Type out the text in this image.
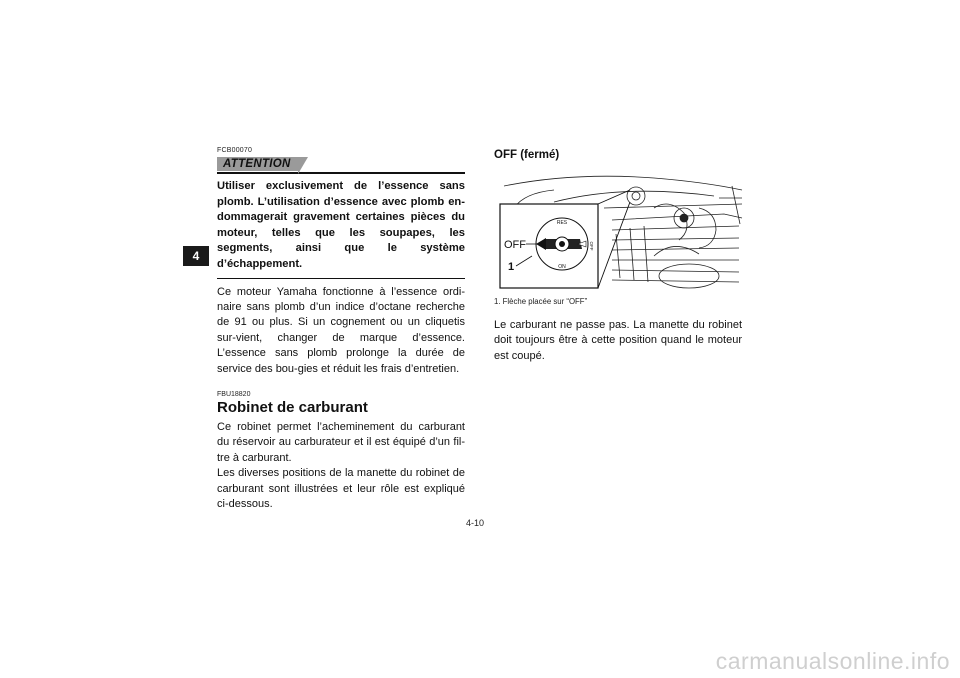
4

FCB00070

ATTENTION

Utiliser exclusivement de l’essence sans plomb. L’utilisation d’essence avec plomb en-dommagerait gravement certaines pièces du moteur, telles que les soupapes, les segments, ainsi que le système d’échappement.

Ce moteur Yamaha fonctionne à l’essence ordi-naire sans plomb d’un indice d’octane recherche de 91 ou plus. Si un cognement ou un cliquetis sur-vient, changer de marque d’essence. L’essence sans plomb prolonge la durée de service des bou-gies et réduit les frais d’entretien.

FBU18820

Robinet de carburant

Ce robinet permet l’acheminement du carburant du réservoir au carburateur et il est équipé d’un fil-tre à carburant.

Les diverses positions de la manette du robinet de carburant sont illustrées et leur rôle est expliqué ci-dessous.

OFF (fermé)

RES
ON
OFF
OFF
1

1. Flèche placée sur “OFF”

Le carburant ne passe pas. La manette du robinet doit toujours être à cette position quand le moteur est coupé.

4-10
carmanualsonline.info
